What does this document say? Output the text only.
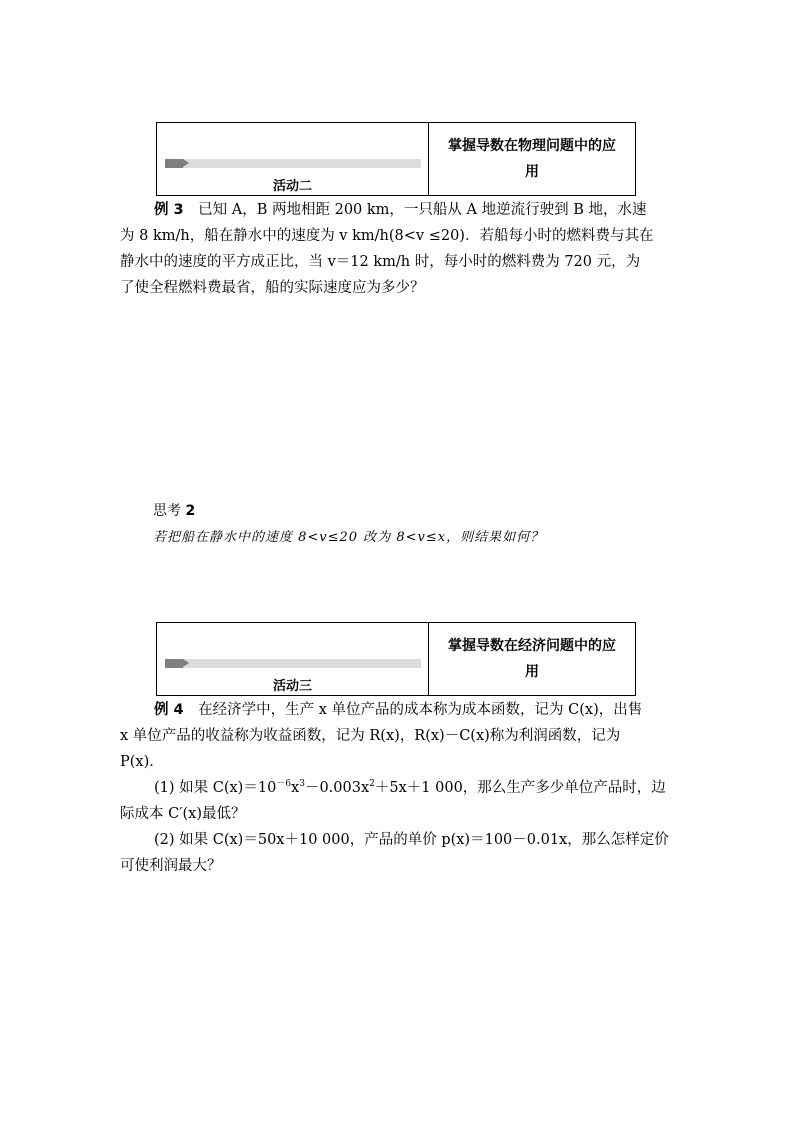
活动二
掌握导数在物理问题中的应
用
例 3　 已知 A，B 两地相距 200 km，一只船从 A 地逆流行驶到 B 地，水速
为 8 km/h，船在静水中的速度为 v km/h(8<v ≤20)．若船每小时的燃料费与其在
静水中的速度的平方成正比，当 v＝12 km/h 时，每小时的燃料费为 720 元，为
了使全程燃料费最省，船的实际速度应为多少？
思考 2
若把船在静水中的速度 8<v≤20 改为 8<v≤x，则结果如何？
活动三
掌握导数在经济问题中的应
用
例 4　 在经济学中，生产 x 单位产品的成本称为成本函数，记为 C(x)，出售
x 单位产品的收益称为收益函数，记为 R(x)，R(x)－C(x)称为利润函数，记为
P(x)．
(1) 如果 $C(x)=10^{-6}x^3-0.003x^2+5x+1$ 000，那么生产多少单位产品时，边
际成本 C′(x)最低？
(2) 如果 C(x)＝50x＋10 000，产品的单价 p(x)＝100－0.01x，那么怎样定价
可使利润最大？
